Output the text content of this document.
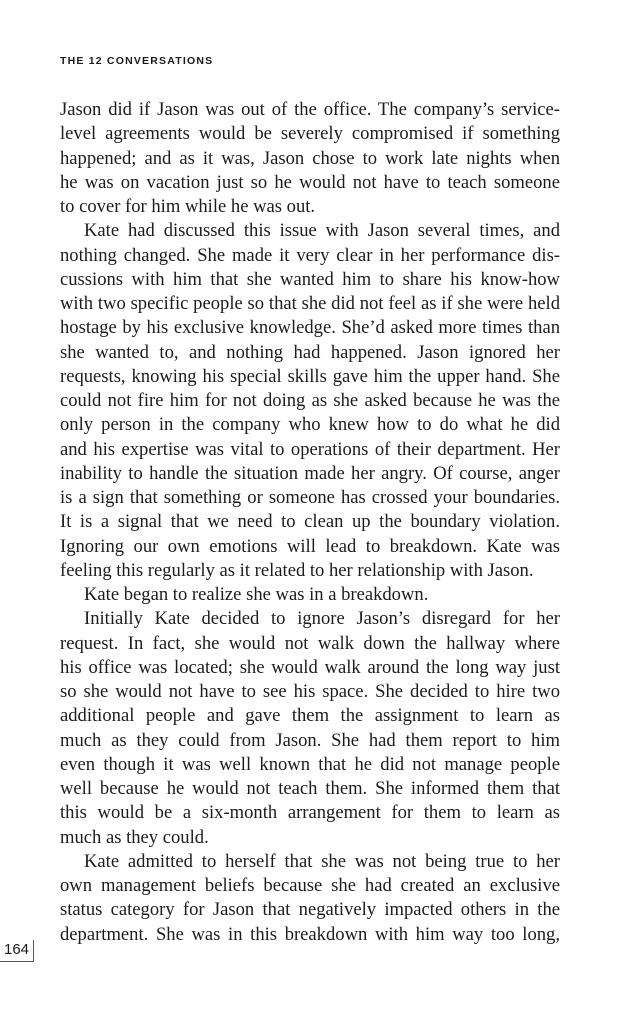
THE 12 CONVERSATIONS
Jason did if Jason was out of the office. The company’s service-
level agreements would be severely compromised if something
happened; and as it was, Jason chose to work late nights when
he was on vacation just so he would not have to teach someone
to cover for him while he was out.
Kate had discussed this issue with Jason several times, and
nothing changed. She made it very clear in her performance dis-
cussions with him that she wanted him to share his know-how
with two specific people so that she did not feel as if she were held
hostage by his exclusive knowledge. She’d asked more times than
she wanted to, and nothing had happened. Jason ignored her
requests, knowing his special skills gave him the upper hand. She
could not fire him for not doing as she asked because he was the
only person in the company who knew how to do what he did
and his expertise was vital to operations of their department. Her
inability to handle the situation made her angry. Of course, anger
is a sign that something or someone has crossed your boundaries.
It is a signal that we need to clean up the boundary violation.
Ignoring our own emotions will lead to breakdown. Kate was
feeling this regularly as it related to her relationship with Jason.
Kate began to realize she was in a breakdown.
Initially Kate decided to ignore Jason’s disregard for her
request. In fact, she would not walk down the hallway where
his office was located; she would walk around the long way just
so she would not have to see his space. She decided to hire two
additional people and gave them the assignment to learn as
much as they could from Jason. She had them report to him
even though it was well known that he did not manage people
well because he would not teach them. She informed them that
this would be a six-month arrangement for them to learn as
much as they could.
Kate admitted to herself that she was not being true to her
own management beliefs because she had created an exclusive
status category for Jason that negatively impacted others in the
department. She was in this breakdown with him way too long,
164
